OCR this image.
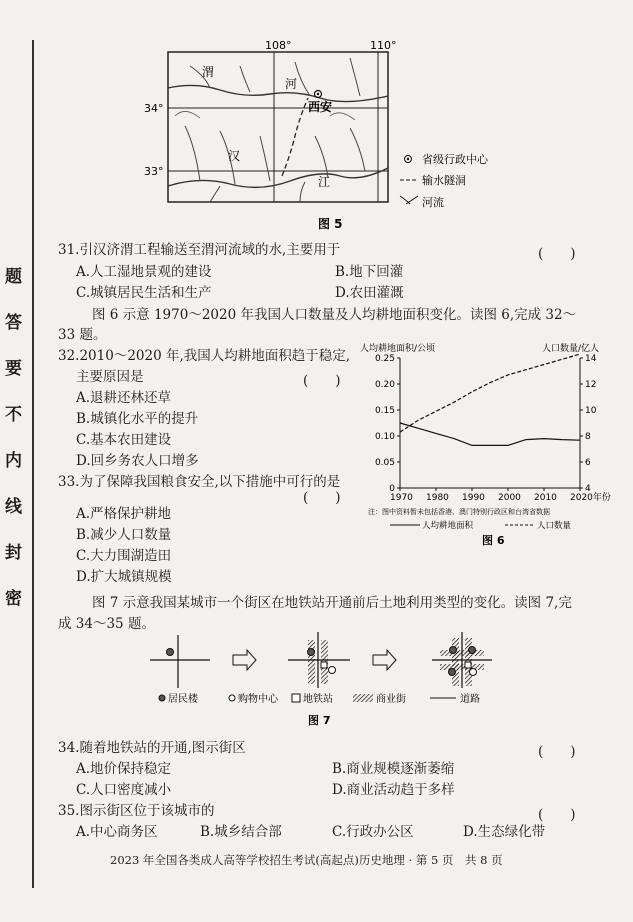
题
答
要
不
内
线
封
密
108°	110°
34°
33°
渭
河
西安
汉
江
省级行政中心
输水隧洞
河流
图 5
31.引汉济渭工程输送至渭河流域的水,主要用于	(　　)
A.人工湿地景观的建设	B.地下回灌
C.城镇居民生活和生产	D.农田灌溉
图 6 示意 1970～2020 年我国人口数量及人均耕地面积变化。读图 6,完成 32～
33 题。
32.2010～2020 年,我国人均耕地面积趋于稳定,
主要原因是	(　　)
A.退耕还林还草
B.城镇化水平的提升
C.基本农田建设
D.回乡务农人口增多
33.为了保障我国粮食安全,以下措施中可行的是
(　　)
A.严格保护耕地
B.减少人口数量
C.大力围湖造田
D.扩大城镇规模
人均耕地面积/公顷	人口数量/亿人
0
0.05
0.10
0.15
0.20
0.25
4
6
8
10
12
14
1970 1980 1990 2000 2010 2020年份
注：图中资料暂未包括香港、澳门特别行政区和台湾省数据
人均耕地面积	人口数量
图 6
图 7 示意我国某城市一个街区在地铁站开通前后土地利用类型的变化。读图 7,完
成 34～35 题。
居民楼	购物中心	地铁站	商业街	道路
图 7
34.随着地铁站的开通,图示街区	(　　)
A.地价保持稳定	B.商业规模逐渐萎缩
C.人口密度减小	D.商业活动趋于多样
35.图示街区位于该城市的	(　　)
A.中心商务区	B.城乡结合部	C.行政办公区	D.生态绿化带
2023 年全国各类成人高等学校招生考试(高起点)历史地理 · 第 5 页　共 8 页
